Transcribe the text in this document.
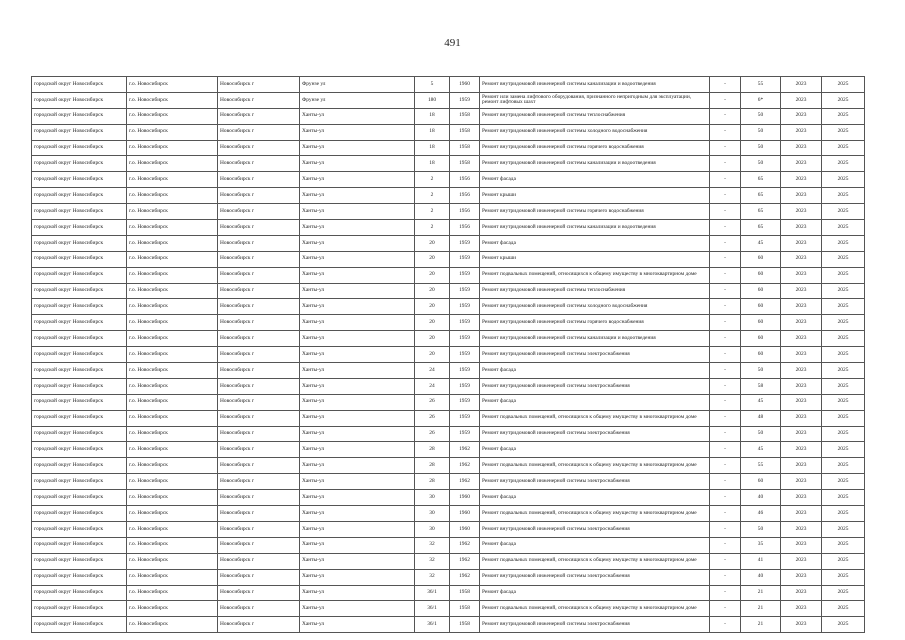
491
городской округ Новосибирск	г.о. Новосибирск	Новосибирск г	Фрунзе ул	5	1960	Ремонт внутридомовой инженерной системы канализации и водоотведения	-	55	2023	2025
городской округ Новосибирск	г.о. Новосибирск	Новосибирск г	Фрунзе ул	180	1959	Ремонт или замена лифтового оборудования, признанного непригодным для эксплуатации, ремонт лифтовых шахт	-	6*	2023	2025
городской округ Новосибирск	г.о. Новосибирск	Новосибирск г	Ханты-ул	18	1958	Ремонт внутридомовой инженерной системы теплоснабжения	-	50	2023	2025
городской округ Новосибирск	г.о. Новосибирск	Новосибирск г	Ханты-ул	18	1958	Ремонт внутридомовой инженерной системы холодного водоснабжения	-	50	2023	2025
городской округ Новосибирск	г.о. Новосибирск	Новосибирск г	Ханты-ул	18	1958	Ремонт внутридомовой инженерной системы горячего водоснабжения	-	50	2023	2025
городской округ Новосибирск	г.о. Новосибирск	Новосибирск г	Ханты-ул	18	1958	Ремонт внутридомовой инженерной системы канализации и водоотведения	-	50	2023	2025
городской округ Новосибирск	г.о. Новосибирск	Новосибирск г	Ханты-ул	2	1956	Ремонт фасада	-	65	2023	2025
городской округ Новосибирск	г.о. Новосибирск	Новосибирск г	Ханты-ул	2	1956	Ремонт крыши	-	65	2023	2025
городской округ Новосибирск	г.о. Новосибирск	Новосибирск г	Ханты-ул	2	1956	Ремонт внутридомовой инженерной системы горячего водоснабжения	-	65	2023	2025
городской округ Новосибирск	г.о. Новосибирск	Новосибирск г	Ханты-ул	2	1956	Ремонт внутридомовой инженерной системы канализации и водоотведения	-	65	2023	2025
городской округ Новосибирск	г.о. Новосибирск	Новосибирск г	Ханты-ул	20	1959	Ремонт фасада	-	45	2023	2025
городской округ Новосибирск	г.о. Новосибирск	Новосибирск г	Ханты-ул	20	1959	Ремонт крыши	-	60	2023	2025
городской округ Новосибирск	г.о. Новосибирск	Новосибирск г	Ханты-ул	20	1959	Ремонт подвальных помещений, относящихся к общему имуществу в многоквартирном доме	-	60	2023	2025
городской округ Новосибирск	г.о. Новосибирск	Новосибирск г	Ханты-ул	20	1959	Ремонт внутридомовой инженерной системы теплоснабжения	-	60	2023	2025
городской округ Новосибирск	г.о. Новосибирск	Новосибирск г	Ханты-ул	20	1959	Ремонт внутридомовой инженерной системы холодного водоснабжения	-	60	2023	2025
городской округ Новосибирск	г.о. Новосибирск	Новосибирск г	Ханты-ул	20	1959	Ремонт внутридомовой инженерной системы горячего водоснабжения	-	60	2023	2025
городской округ Новосибирск	г.о. Новосибирск	Новосибирск г	Ханты-ул	20	1959	Ремонт внутридомовой инженерной системы канализации и водоотведения	-	60	2023	2025
городской округ Новосибирск	г.о. Новосибирск	Новосибирск г	Ханты-ул	20	1959	Ремонт внутридомовой инженерной системы электроснабжения	-	60	2023	2025
городской округ Новосибирск	г.о. Новосибирск	Новосибирск г	Ханты-ул	24	1959	Ремонт фасада	-	50	2023	2025
городской округ Новосибирск	г.о. Новосибирск	Новосибирск г	Ханты-ул	24	1959	Ремонт внутридомовой инженерной системы электроснабжения	-	58	2023	2025
городской округ Новосибирск	г.о. Новосибирск	Новосибирск г	Ханты-ул	26	1959	Ремонт фасада	-	45	2023	2025
городской округ Новосибирск	г.о. Новосибирск	Новосибирск г	Ханты-ул	26	1959	Ремонт подвальных помещений, относящихся к общему имуществу в многоквартирном доме	-	48	2023	2025
городской округ Новосибирск	г.о. Новосибирск	Новосибирск г	Ханты-ул	26	1959	Ремонт внутридомовой инженерной системы электроснабжения	-	50	2023	2025
городской округ Новосибирск	г.о. Новосибирск	Новосибирск г	Ханты-ул	28	1962	Ремонт фасада	-	45	2023	2025
городской округ Новосибирск	г.о. Новосибирск	Новосибирск г	Ханты-ул	28	1962	Ремонт подвальных помещений, относящихся к общему имуществу в многоквартирном доме	-	55	2023	2025
городской округ Новосибирск	г.о. Новосибирск	Новосибирск г	Ханты-ул	28	1962	Ремонт внутридомовой инженерной системы электроснабжения	-	60	2023	2025
городской округ Новосибирск	г.о. Новосибирск	Новосибирск г	Ханты-ул	30	1960	Ремонт фасада	-	40	2023	2025
городской округ Новосибирск	г.о. Новосибирск	Новосибирск г	Ханты-ул	30	1960	Ремонт подвальных помещений, относящихся к общему имуществу в многоквартирном доме	-	46	2023	2025
городской округ Новосибирск	г.о. Новосибирск	Новосибирск г	Ханты-ул	30	1960	Ремонт внутридомовой инженерной системы электроснабжения	-	50	2023	2025
городской округ Новосибирск	г.о. Новосибирск	Новосибирск г	Ханты-ул	32	1962	Ремонт фасада	-	35	2023	2025
городской округ Новосибирск	г.о. Новосибирск	Новосибирск г	Ханты-ул	32	1962	Ремонт подвальных помещений, относящихся к общему имуществу в многоквартирном доме	-	41	2023	2025
городской округ Новосибирск	г.о. Новосибирск	Новосибирск г	Ханты-ул	32	1962	Ремонт внутридомовой инженерной системы электроснабжения	-	40	2023	2025
городской округ Новосибирск	г.о. Новосибирск	Новосибирск г	Ханты-ул	36/1	1958	Ремонт фасада	-	21	2023	2025
городской округ Новосибирск	г.о. Новосибирск	Новосибирск г	Ханты-ул	36/1	1958	Ремонт подвальных помещений, относящихся к общему имуществу в многоквартирном доме	-	21	2023	2025
городской округ Новосибирск	г.о. Новосибирск	Новосибирск г	Ханты-ул	36/1	1958	Ремонт внутридомовой инженерной системы электроснабжения	-	21	2023	2025
